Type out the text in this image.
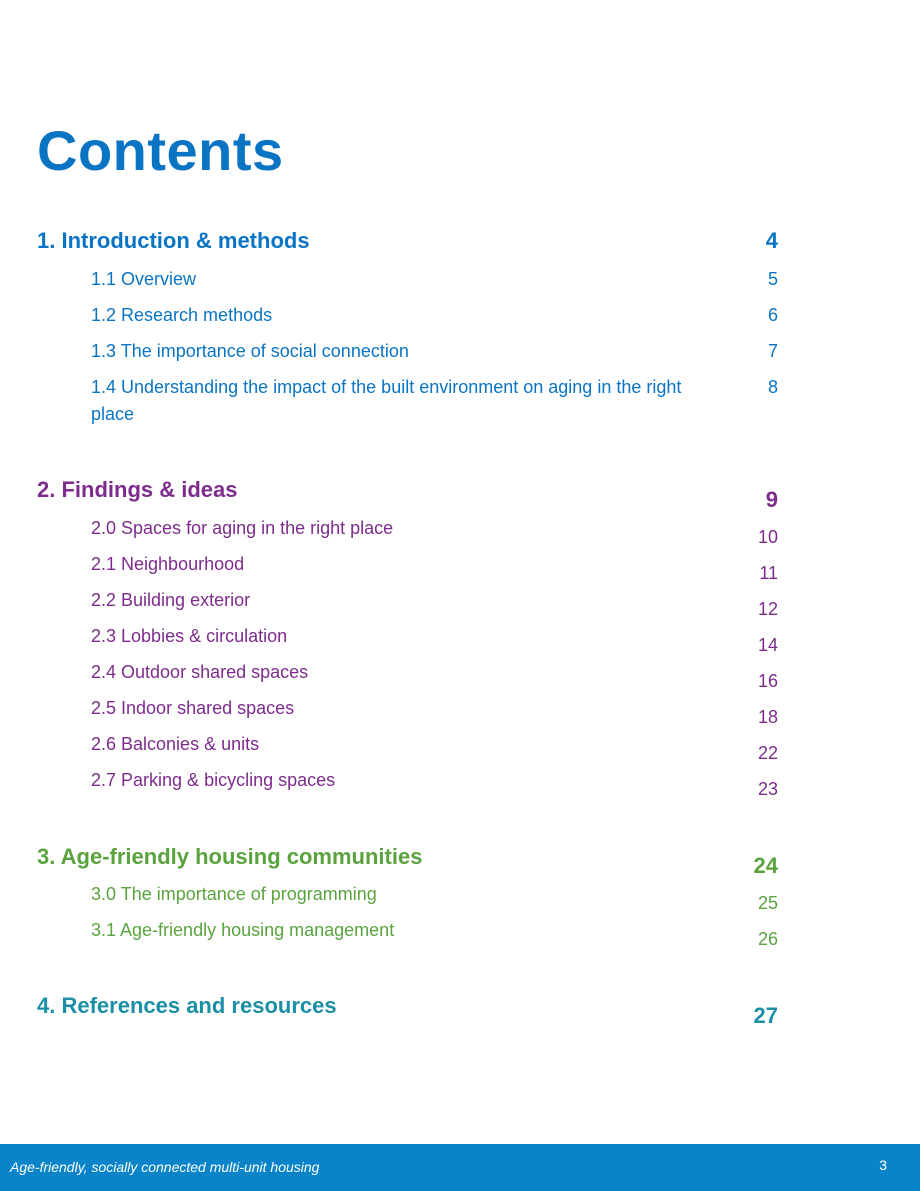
Contents
1. Introduction & methods	4
1.1 Overview	5
1.2 Research methods	6
1.3 The importance of social connection	7
1.4 Understanding the impact of the built environment on aging in the right place
8
2. Findings & ideas	9
2.0 Spaces for aging in the right place	10
2.1 Neighbourhood	11
2.2 Building exterior	12
2.3 Lobbies & circulation	14
2.4 Outdoor shared spaces	16
2.5 Indoor shared spaces	18
2.6 Balconies & units	22
2.7 Parking & bicycling spaces	23
3. Age-friendly housing communities	24
3.0 The importance of programming	25
3.1 Age-friendly housing management	26
4. References and resources	27
Age-friendly, socially connected multi-unit housing	3
